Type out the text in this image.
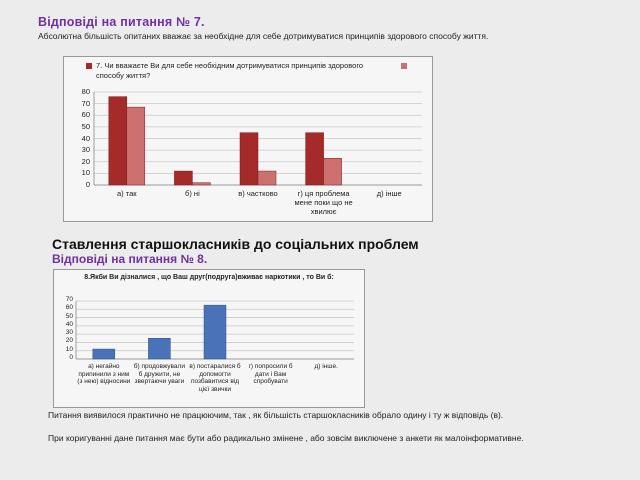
Відповіді на питання № 7.
Абсолютна більшість опитаних вважає за необхідне для себе дотримуватися принципів здорового способу життя.
7. Чи вважаєте Ви для себе необхідним дотримуватися принципів здорового способу життя?
0
10
20
30
40
50
60
70
80
а) так	б) ні	в) частково	г) ця проблема мене поки що не хвилює
д) інше
Ставлення старшокласників до соціальних проблем
Відповіді на питання № 8.
8.Якби Ви дізналися , що Ваш друг(подруга)вживає наркотики , то Ви б:
0
10
20
30
40
50
60
70
а) негайно припинили з ним (з нею) відносини
б) продовжували б дружити, не звертаючи уваги
в) постаралися б допомогти позбавитися від цієї звички
г) попросили б дати і Вам спробувати
д) інше.
Питання виявилося практично не працюючим, так , як більшість старшокласників обрало одину і ту ж відповідь (в).
При коригуванні дане питання має бути або радикально змінене , або зовсім виключене з анкети як малоінформативне.
